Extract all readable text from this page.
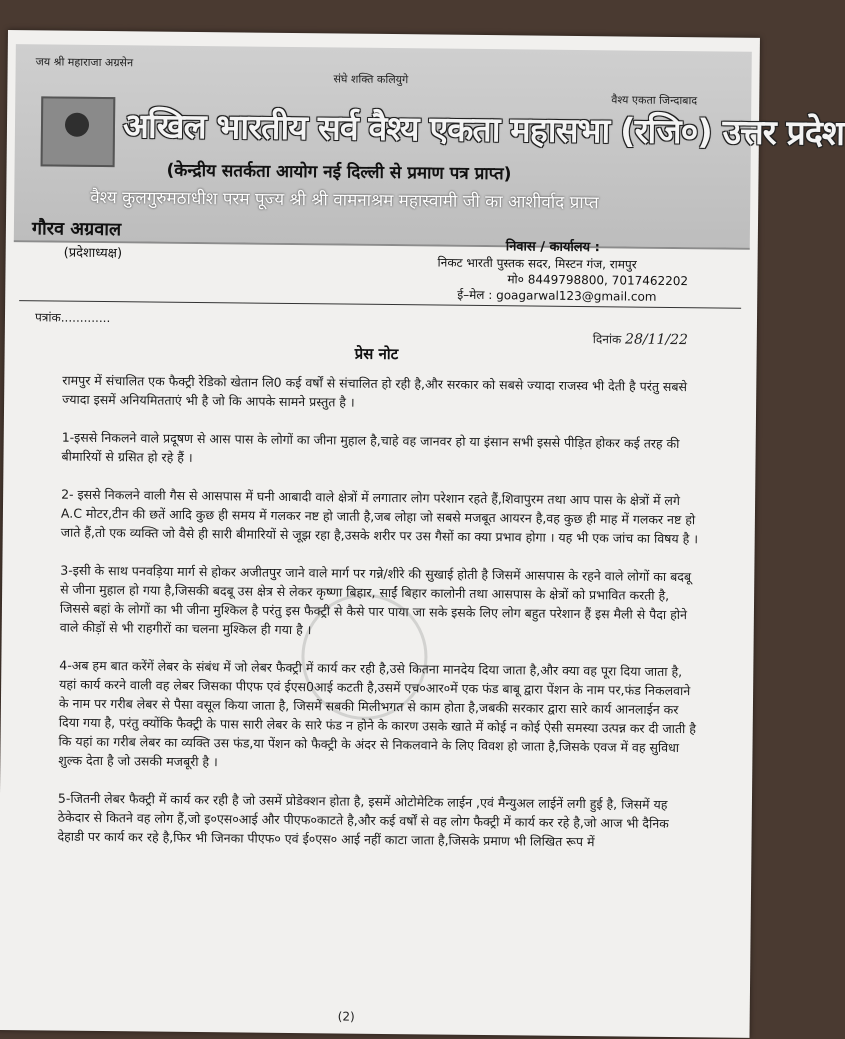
जय श्री महाराजा अग्रसेन
संघे शक्ति कलियुगे
वैश्य एकता जिन्दाबाद
अखिल भारतीय सर्व वैश्य एकता महासभा (रजि०) उत्तर प्रदेश
(केन्द्रीय सतर्कता आयोग नई दिल्ली से प्रमाण पत्र प्राप्त)
वैश्य कुलगुरुमठाधीश परम पूज्य श्री श्री वामनाश्रम महास्वामी जी का आशीर्वाद प्राप्त
गौरव अग्रवाल
(प्रदेशाध्यक्ष)	निवास / कार्यालय :
निकट भारती पुस्तक सदर, मिस्टन गंज, रामपुर
मो० 8449798800, 7017462202
ई–मेल : goagarwal123@gmail.com
पत्रांक.............
दिनांक 28/11/22
प्रेस नोट

रामपुर में संचालित एक फैक्ट्री रेडिको खेतान लि0 कई वर्षों से संचालित हो रही है,और सरकार को सबसे ज्यादा राजस्व भी देती है परंतु सबसे ज्यादा इसमें अनियमितताएं भी है जो कि आपके सामने प्रस्तुत है ।

1-इससे निकलने वाले प्रदूषण से आस पास के लोगों का जीना मुहाल है,चाहे वह जानवर हो या इंसान सभी इससे पीड़ित होकर कई तरह की बीमारियों से ग्रसित हो रहे हैं ।

2- इससे निकलने वाली गैस से आसपास में घनी आबादी वाले क्षेत्रों में लगातार लोग परेशान रहते हैं,शिवापुरम तथा आप पास के क्षेत्रों में लगे A.C मोटर,टीन की छतें आदि कुछ ही समय में गलकर नष्ट हो जाती है,जब लोहा जो सबसे मजबूत आयरन है,वह कुछ ही माह में गलकर नष्ट हो जाते हैं,तो एक व्यक्ति जो वैसे ही सारी बीमारियों से जूझ रहा है,उसके शरीर पर उस गैसों का क्या प्रभाव होगा । यह भी एक जांच का विषय है ।

3-इसी के साथ पनवड़िया मार्ग से होकर अजीतपुर जाने वाले मार्ग पर गन्ने/शीरे की सुखाई होती है जिसमें आसपास के रहने वाले लोगों का बदबू से जीना मुहाल हो गया है,जिसकी बदबू उस क्षेत्र से लेकर कृष्णा बिहार, साईं बिहार कालोनी तथा आसपास के क्षेत्रों को प्रभावित करती है, जिससे बहां के लोगों का भी जीना मुश्किल है परंतु इस फैक्ट्री से कैसे पार पाया जा सके इसके लिए लोग बहुत परेशान हैं इस मैली से पैदा होने वाले कीड़ों से भी राहगीरों का चलना मुश्किल ही गया है ।

4-अब हम बात करेंगें लेबर के संबंध में जो लेबर फैक्ट्री में कार्य कर रही है,उसे कितना मानदेय दिया जाता है,और क्या वह पूरा दिया जाता है, यहां कार्य करने वाली वह लेबर जिसका पीएफ एवं ईएस0आई कटती है,उसमें एच०आर०में एक फंड बाबू द्वारा पेंशन के नाम पर,फंड निकलवाने के नाम पर गरीब लेबर से पैसा वसूल किया जाता है, जिसमें सबकी मिलीभगत से काम होता है,जबकी सरकार द्वारा सारे कार्य आनलाईन कर दिया गया है, परंतु क्योंकि फैक्ट्री के पास सारी लेबर के सारे फंड न होने के कारण उसके खाते में कोई न कोई ऐसी समस्या उत्पन्न कर दी जाती है कि यहां का गरीब लेबर का व्यक्ति उस फंड,या पेंशन को फैक्ट्री के अंदर से निकलवाने के लिए विवश हो जाता है,जिसके एवज में वह सुविधा शुल्क देता है जो उसकी मजबूरी है ।

5-जितनी लेबर फैक्ट्री में कार्य कर रही है जो उसमें प्रोडेक्शन होता है, इसमें ओटोमेटिक लाईन ,एवं मैन्युअल लाईनें लगी हुई है, जिसमें यह ठेकेदार से कितने वह लोग हैं,जो इ०एस०आई और पीएफ०काटते है,और कई वर्षों से वह लोग फैक्ट्री में कार्य कर रहे है,जो आज भी दैनिक देहाडी पर कार्य कर रहे है,फिर भी जिनका पीएफ० एवं ई०एस० आई नहीं काटा जाता है,जिसके प्रमाण भी लिखित रूप में

(2)
